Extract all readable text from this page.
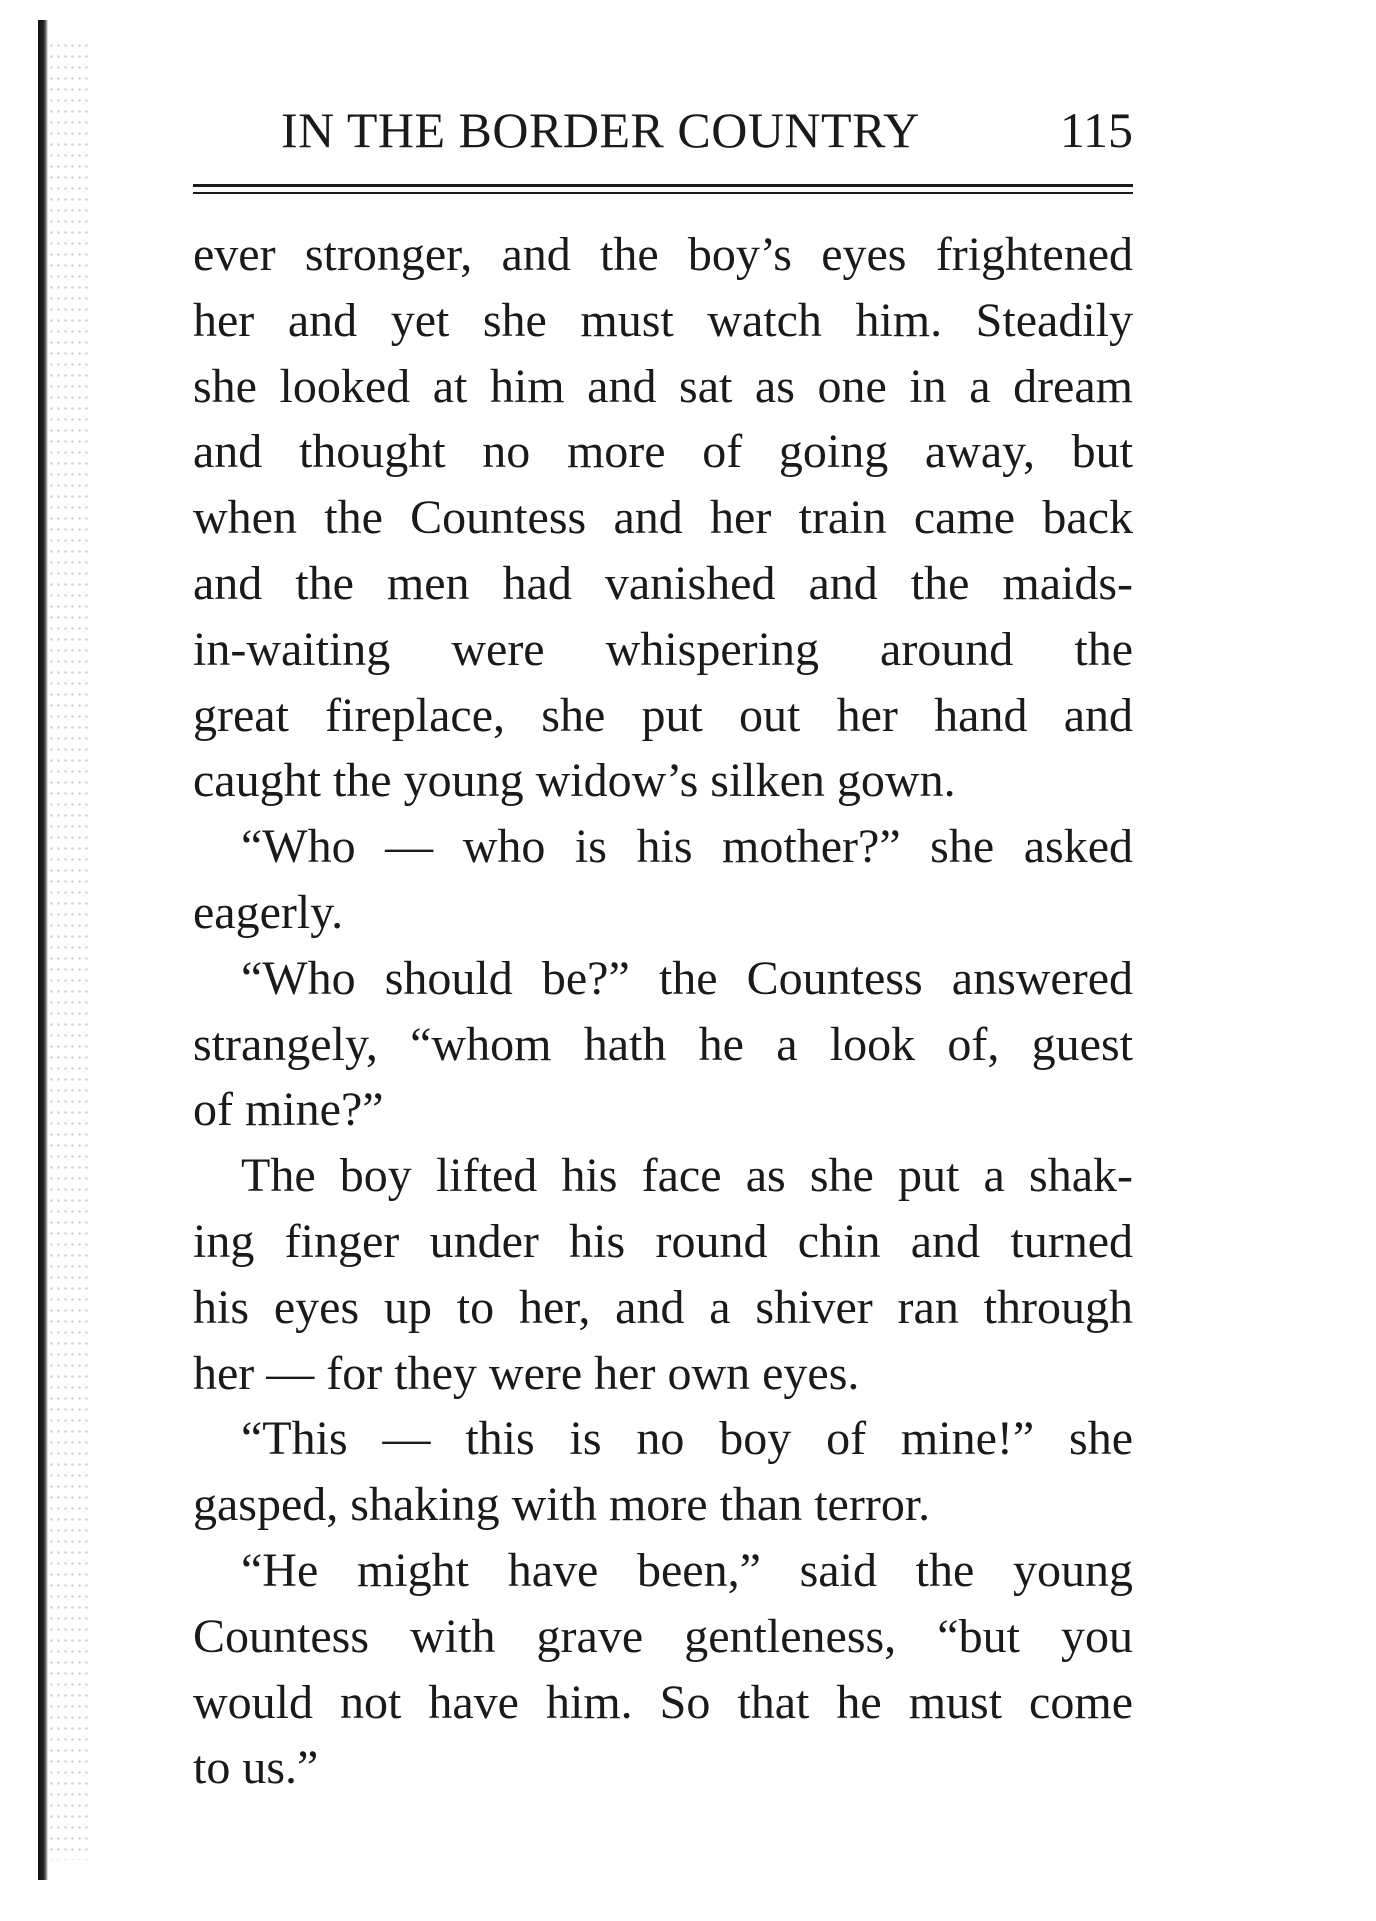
IN THE BORDER COUNTRY	115
ever stronger, and the boy’s eyes frightened
her and yet she must watch him. Steadily
she looked at him and sat as one in a dream
and thought no more of going away, but
when the Countess and her train came back
and the men had vanished and the maids-
in-waiting were whispering around the
great fireplace, she put out her hand and
caught the young widow’s silken gown.
“Who — who is his mother?” she asked
eagerly.
“Who should be?” the Countess answered
strangely, “whom hath he a look of, guest
of mine?”
The boy lifted his face as she put a shak-
ing finger under his round chin and turned
his eyes up to her, and a shiver ran through
her — for they were her own eyes.
“This — this is no boy of mine!” she
gasped, shaking with more than terror.
“He might have been,” said the young
Countess with grave gentleness, “but you
would not have him. So that he must come
to us.”
